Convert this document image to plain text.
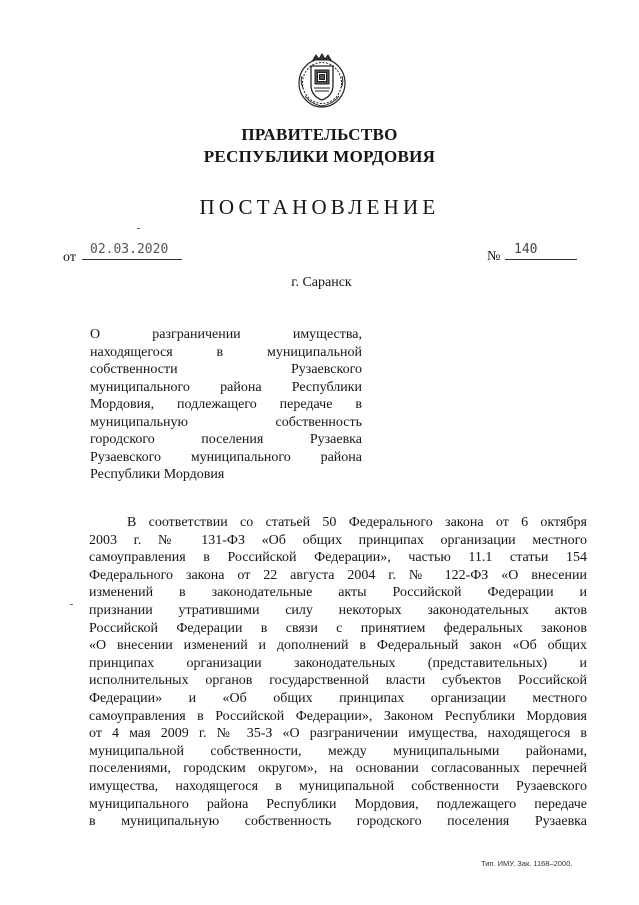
ПРАВИТЕЛЬСТВО
РЕСПУБЛИКИ МОРДОВИЯ
ПОСТАНОВЛЕНИЕ
от
02.03.2020	№	140
г. Саранск
О разграничении имущества,
находящегося в муниципальной
собственности Рузаевского
муниципального района Республики
Мордовия, подлежащего передаче в
муниципальную собственность
городского поселения Рузаевка
Рузаевского муниципального района
Республики Мордовия
В соответствии со статьей 50 Федерального закона от 6 октября
2003 г. № 131-ФЗ «Об общих принципах организации местного
самоуправления в Российской Федерации», частью 11.1 статьи 154
Федерального закона от 22 августа 2004 г. № 122-ФЗ «О внесении
изменений в законодательные акты Российской Федерации и
признании утратившими силу некоторых законодательных актов
Российской Федерации в связи с принятием федеральных законов
«О внесении изменений и дополнений в Федеральный закон «Об общих
принципах организации законодательных (представительных) и
исполнительных органов государственной власти субъектов Российской
Федерации» и «Об общих принципах организации местного
самоуправления в Российской Федерации», Законом Республики Мордовия
от 4 мая 2009 г. № 35-З «О разграничении имущества, находящегося в
муниципальной собственности, между муниципальными районами,
поселениями, городским округом», на основании согласованных перечней
имущества, находящегося в муниципальной собственности Рузаевского
муниципального района Республики Мордовия, подлежащего передаче
в муниципальную собственность городского поселения Рузаевка
Тип. ИМУ. Зак. 1168–2000.
